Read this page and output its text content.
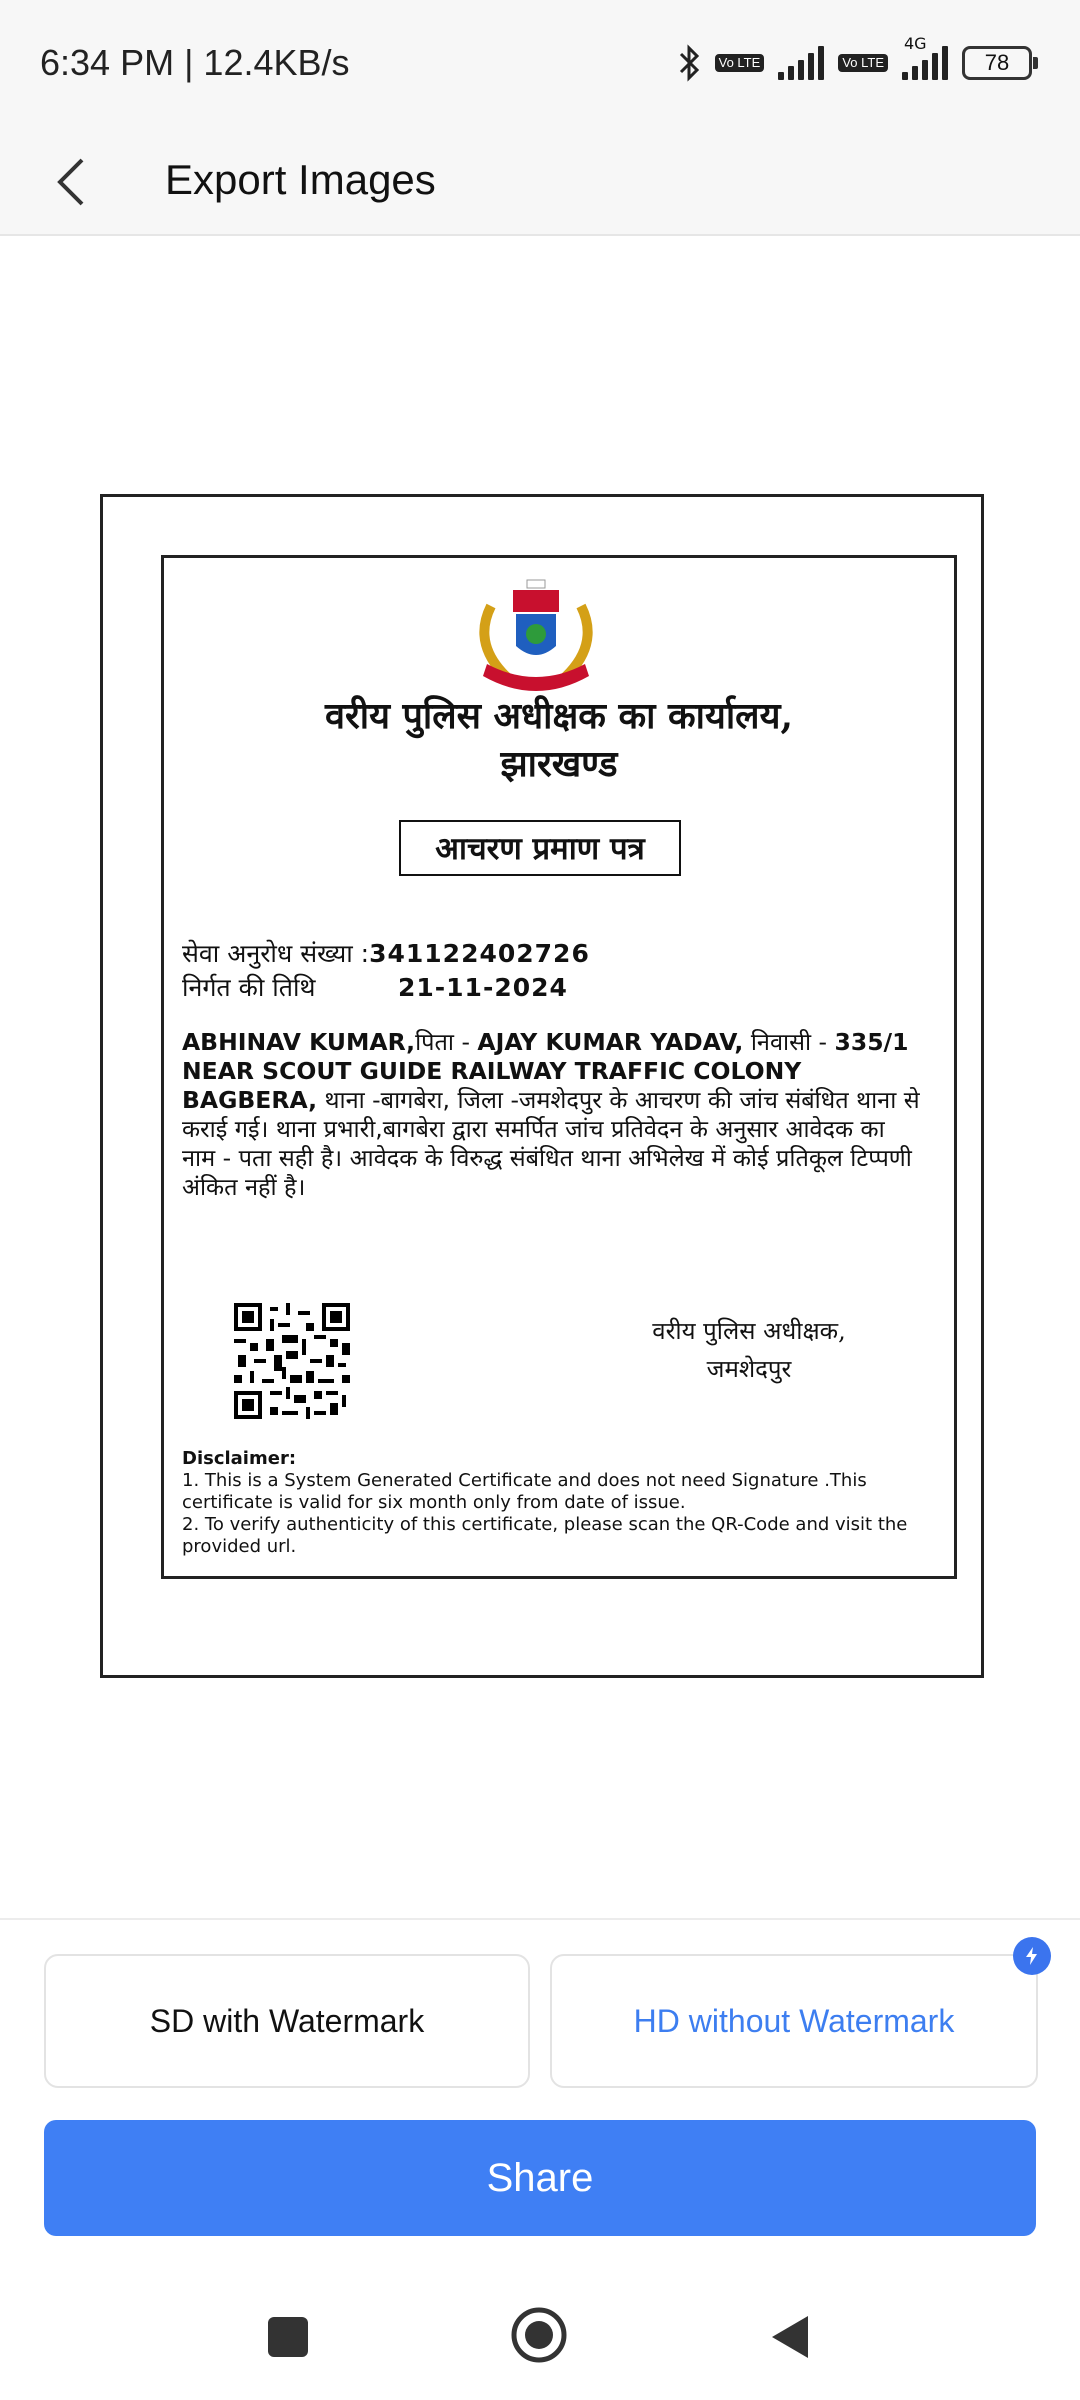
6:34 PM | 12.4KB/s	Vo LTE	Vo LTE
4G
78
Export Images
वरीय पुलिस अधीक्षक का कार्यालय,
झारखण्ड
आचरण प्रमाण पत्र
सेवा अनुरोध संख्या :341122402726
निर्गत की तिथि	21-11-2024
ABHINAV KUMAR,पिता - AJAY KUMAR YADAV, निवासी - 335/1 NEAR SCOUT GUIDE RAILWAY TRAFFIC COLONY BAGBERA, थाना -बागबेरा, जिला -जमशेदपुर के आचरण की जांच संबंधित थाना से कराई गई। थाना प्रभारी,बागबेरा द्वारा समर्पित जांच प्रतिवेदन के अनुसार आवेदक का नाम - पता सही है। आवेदक के विरुद्ध संबंधित थाना अभिलेख में कोई प्रतिकूल टिप्पणी अंकित नहीं है।
वरीय पुलिस अधीक्षक,
जमशेदपुर
Disclaimer:
1. This is a System Generated Certificate and does not need Signature .This certificate is valid for six month only from date of issue.
2. To verify authenticity of this certificate, please scan the QR-Code and visit the provided url.
SD with Watermark	HD without Watermark
Share
